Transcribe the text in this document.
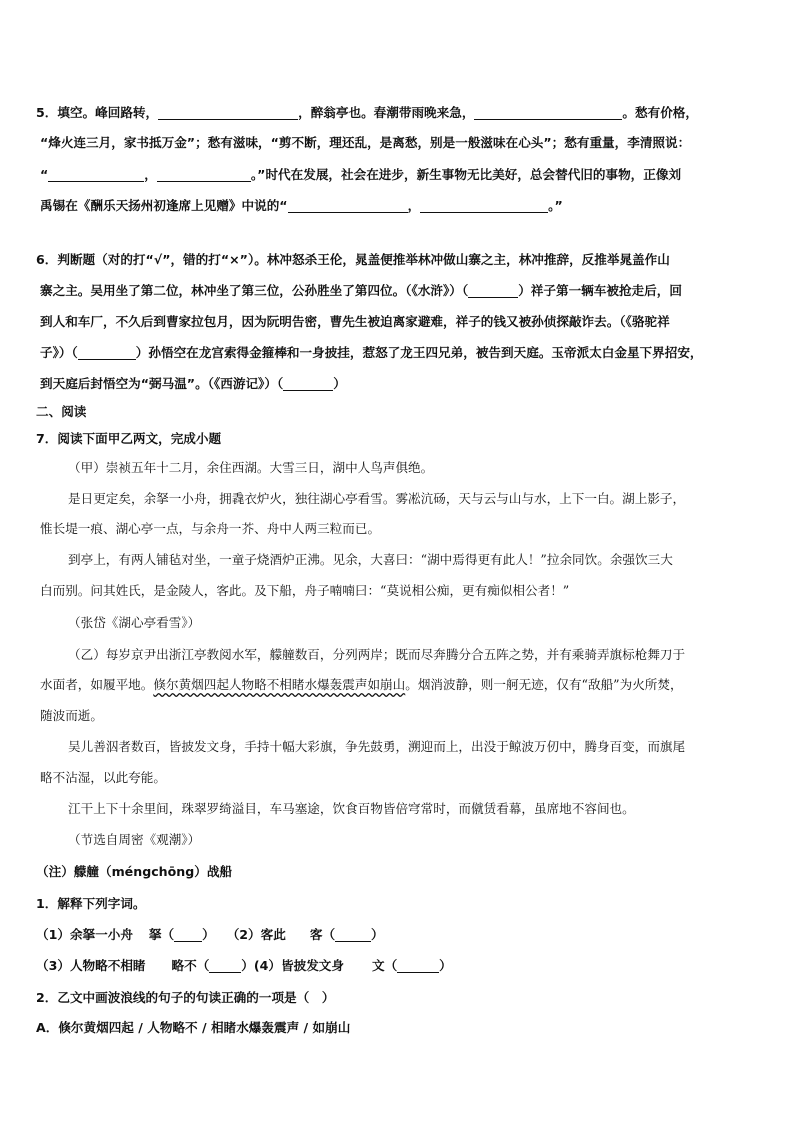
5．填空。峰回路转，	，醉翁亭也。春潮带雨晚来急，	。愁有价格，
“烽火连三月，家书抵万金”；愁有滋味，“剪不断，理还乱，是离愁，别是一般滋味在心头”；愁有重量，李清照说：
“	，	。”时代在发展，社会在进步，新生事物无比美好，总会替代旧的事物，正像刘
禹锡在《酬乐天扬州初逢席上见赠》中说的“	，	。”
6．判断题（对的打“√”，错的打“×”）。林冲怒杀王伦，晁盖便推举林冲做山寨之主，林冲推辞，反推举晁盖作山
寨之主。吴用坐了第二位，林冲坐了第三位，公孙胜坐了第四位。（《水浒》）（	）祥子第一辆车被抢走后，回
到人和车厂，不久后到曹家拉包月，因为阮明告密，曹先生被迫离家避难，祥子的钱又被孙侦探敲诈去。（《骆驼祥
子》）（	）孙悟空在龙宫索得金箍棒和一身披挂，惹怒了龙王四兄弟，被告到天庭。玉帝派太白金星下界招安，
到天庭后封悟空为“弼马温”。（《西游记》）（	）
二、阅读
7．阅读下面甲乙两文，完成小题
（甲）崇祯五年十二月，余住西湖。大雪三日，湖中人鸟声俱绝。
是日更定矣，余拏一小舟，拥毳衣炉火，独往湖心亭看雪。雾凇沆砀，天与云与山与水，上下一白。湖上影子，
惟长堤一痕、湖心亭一点，与余舟一芥、舟中人两三粒而已。
到亭上，有两人铺毡对坐，一童子烧酒炉正沸。见余，大喜曰：“湖中焉得更有此人！”拉余同饮。余强饮三大
白而别。问其姓氏，是金陵人，客此。及下船，舟子喃喃曰：“莫说相公痴，更有痴似相公者！”
（张岱《湖心亭看雪》）
（乙）每岁京尹出浙江亭教阅水军，艨艟数百，分列两岸；既而尽奔腾分合五阵之势，并有乘骑弄旗标枪舞刀于
水面者，如履平地。倏尔黄烟四起人物略不相睹水爆轰震声如崩山。烟消波静，则一舸无迹，仅有“敌船”为火所焚，
随波而逝。
吴儿善泅者数百，皆披发文身，手持十幅大彩旗，争先鼓勇，溯迎而上，出没于鲸波万仞中，腾身百变，而旗尾
略不沾湿，以此夸能。
江干上下十余里间，珠翠罗绮溢目，车马塞途，饮食百物皆倍穹常时，而僦赁看幕，虽席地不容间也。
（节选自周密《观潮》）
（注）艨艟（méngchōng）战船
1．解释下列字词。
（1）余拏一小舟 拏（ ） （2）客此 客（	）
（3）人物略不相睹 略不（	）(4）皆披发文身 文（	）
2．乙文中画波浪线的句子的句读正确的一项是（　）
A．倏尔黄烟四起 / 人物略不 / 相睹水爆轰震声 / 如崩山
